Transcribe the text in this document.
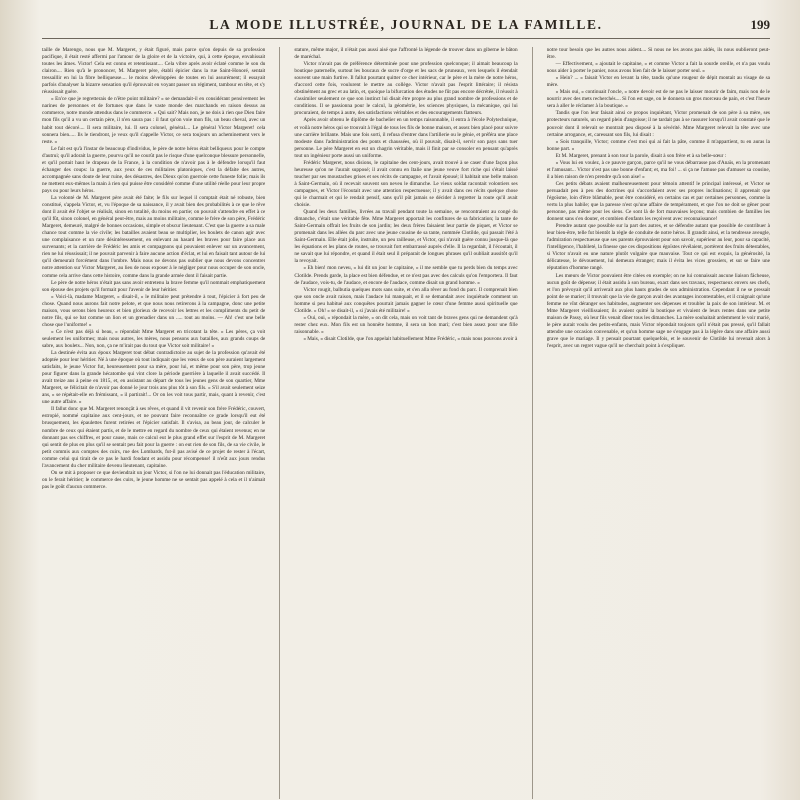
LA MODE ILLUSTRÉE, JOURNAL DE LA FAMILLE.	199

taille de Marengo, nous que M. Margeret, y était figuré, mais parce qu'on depuis de sa profession pacifique, il était resté affermi par l'amour de la gloire et de la victoire, qui, à cette époque, envahissait toutes les âmes. Victor! Cela est connu et retentissant.... Cela vibre après avoir éclaté comme le son du clairon.... Rien qu'à le prononcer, M. Margeret père, établi épicier dans la rue Saint-Honoré, sentait tressaillir en lui la fibre belliqueuse.... le moins développées de toutes en lui assurément; il essayait parfois d'analyser la bizarre sensation qu'il éprouvait en voyant passer un régiment, tambour en tête, et s'y réussissait guère.

« En'ce que je regretterais de n'être point militaire? » se demandait-il en considérant pensivement les narines de personnes et de fortunes que dans le vaste monde des marchands en raison dessus au commerce, notre monde attendus dans le commerce. « Qui sait? Mais non, je ne dois à rien que Dieu faire mon fils qu'il a vu un certain père, il n'en saura pas : il faut qu'on voie mon fils, un beau cheval, avec un habit tout décoré.... Il sera militaire, lui. Il sera colonel, général.... Le général Victor Margeret! cela sonnera bien..... Ils le tiendront, je veux qu'il s'appelle Victor, ce sera toujours un acheminement vers le reste. »

Le fait est qu'à l'instar de beaucoup d'individus, le père de notre héros était belliqueux pour le compte d'autrui; qu'il adorait la guerre, pourvu qu'il ne courût pas le risque d'une quelconque blessure personnelle, et qu'il portait haut le drapeau de la France, à la condition de n'avoir pas à le défendre lorsqu'il faut échanger des coups: la guerre, aux yeux de ces militaires platoniques, c'est la défaite des autres, accompagnée sans doute de leur ruine, des désastres, des Dieux qu'on guerroie cette funeste folie; mais ils ne mettent eux-mêmes la main à rien qui puisse être considéré comme d'une utilité réelle pour leur propre pays ou pour leurs héros.

La volonté de M. Margeret père avait été faite; le fils sur lequel il comptait était né robuste, bien constitué, s'appela Victor, et, vu l'époque de sa naissance, il y avait bien des probabilités à ce que le rêve dont il avait été l'objet se réalisât, sinon en totalité, du moins en partie; on pouvait s'attendre en effet à ce qu'il fût, sinon colonel, en général peut-être, mais au moins militaire, comme le frère de son père, Frédéric Margeret, demeuré, malgré de bonnes occasions, simple et obscur lieutenant. C'est que la guerre a sa male chance tout comme la vie civile; les batailles avaient beau se multiplier, les boulets de canon agir avec une complaisance et un rare désintéressement, en enlevant au hasard les braves pour faire place aux survenants; et la carrière de Frédéric les amis et compagnons qui pouvaient enlever sur un avancement, rien ne lui réussissait; il ne pouvait parvenir à faire aucune action d'éclat, et lui en faisait tant autour de lui qu'il demeurait forcément dans l'ombre. Mais nous ne devons pas oublier que nous devons concentrer notre attention sur Victor Margeret, au lieu de nous exposer à le négliger pour nous occuper de son oncle, comme cela arrive dans cette histoire, comme dans la grande armée dont il faisait partie.

Le père de notre héros n'était pas sans avoir entretenu la brave femme qu'il nommait emphatiquement son épouse des projets qu'il formait pour l'avenir de leur héritier.

« Voici-là, madame Margeret, » disait-il, « le militaire peut prétendre à tout, l'épicier à fort peu de chose. Quand nous aurons fait notre pelote, et que nous nous retirerons à la campagne, donc une petite maison, vous serons bien heureux et bien glorieux de recevoir les lettres et les compliments du petit de notre fils, qui se bat comme un lion et un grenadier dans un ..... tout au moins. — Ah! c'est une belle chose que l'uniforme! »

« Ce n'est pas déjà si beau, » répondait Mme Margeret en tricotant la tête. « Les pères, ça voit seulement les uniformes; mais nous autres, les mères, nous pensons aux batailles, aux grands coups de sabre, aux boulets... Non, non, ça ne m'irait pas du tout que Victor soit militaire! »

La destinée évita aux époux Margeret tout débat contradictoire au sujet de la profession qu'avait été adoptée pour leur héritier. Né à une époque où tout indiquait que les vœux de son père auraient largement satisfaits, le jeune Victor fut, heureusement pour sa mère, pour lui, et même pour son père, trop jeune pour figurer dans la grande hécatombe qui vint clore la période guerrière à laquelle il avait succédé. Il avait treize ans à peine en 1815, et, en assistant au départ de tous les jeunes gens de son quartier, Mme Margeret, se félicitait de n'avoir pas donné le jour trois ans plus tôt à son fils. « S'il avait seulement seize ans, » se répétait-elle en frémissant, « il partirait!... Or on les voit tous partir, mais, quant à revenir, c'est une autre affaire. »

Il fallut donc que M. Margeret renonçât à ses rêves, et quand il vit revenir son frère Frédéric, couvert, estropié, nommé capitaine aux cent-jours, et ne pouvant faire reconnaître ce grade lorsqu'il eut été brusquement, les épaulettes furent retirées et l'épicier satisfait. Il s'avisa, au beau jour, de calculer le nombre de ceux qui étaient partis, et de le mettre en regard du nombre de ceux qui étaient revenus; en ne donnant pas ses chiffres, et pour cause, mais ce calcul eut le plus grand effet sur l'esprit de M. Margeret qui sentit de plus en plus qu'il se sentait peu fait pour la guerre : on eut rien de son fils, de sa vie civile, le petit commis aux comptes des cuirs, rue des Lombards, fut-il pas avisé de ce projet de rester à l'écart, comme celui qui tirait de ce pas le hardi fondant et assidu pour récompense! il n'eût aux jours rendus l'avancement du cher militaire devenu lieutenant, capitaine.

On se mit à proposer ce que deviendrait un jour Victor, si l'on ne lui donnait pas l'éducation militaire, on le ferait héritier; le commerce des cuirs, le jeune homme ne se sentait pas appelé à cela et il n'aimait pas le goût d'aucun commerce.

stature, même major, il n'était pas aussi aisé que l'affronté la légende de trouver dans un giberne le bâton de maréchal.

Victor n'avait pas de préférence déterminée pour une profession quelconque; il aimait beaucoup la boutique paternelle, surtout les boucaux de sucre d'orge et les sacs de pruneaux, vers lesquels il étendait souvent une main furtive. Il fallut pourtant quitter ce cher intérieur, car le père et la mère de notre héros, d'accord cette fois, voulurent le mettre au collège. Victor n'avait pas l'esprit littéraire; il résista obstinément au grec et au latin, et, quoique la bifurcation des études ne fût pas encore décrétée, il réussit à s'assimiler seulement ce que son instinct lui disait être propre au plus grand nombre de professions et de conditions. Il se passionna pour le calcul, la géométrie, les sciences physiques, la mécanique, qui lui procuraient, de temps à autre, des satisfactions véritables et des encouragements flatteurs.

Après avoir obtenu le diplôme de bachelier en un temps raisonnable, il entra à l'école Polytechnique, et voilà notre héros qui se trouvait à l'égal de tous les fils de bonne maison, et assez bien placé pour suivre une carrière brillante. Mais une fois sorti, il refusa d'entrer dans l'artillerie ou le génie, et préféra une place modeste dans l'administration des ponts et chaussées, où il pouvait, disait-il, servir son pays sans tuer personne. Le père Margeret en eut un chagrin véritable, mais il finit par se consoler en pensant qu'après tout un ingénieur porte aussi un uniforme.

Frédéric Margeret, nous disions, le capitaine des cent-jours, avait trouvé à se caser d'une façon plus heureuse qu'on ne l'aurait supposé; il avait connu en Italie une jeune veuve fort riche qui s'était laissé toucher par ses moustaches grises et ses récits de campagne, et l'avait épousé; il habitait une belle maison à Saint-Germain, où il recevait souvent son neveu le dimanche. Le vieux soldat racontait volontiers ses campagnes, et Victor l'écoutait avec une attention respectueuse; il y avait dans ces récits quelque chose qui le charmait et qui le rendait pensif, sans qu'il pût jamais se décider à regretter la route qu'il avait choisie.

Quand les deux familles, livrées au travail pendant toute la semaine, se rencontraient au congé du dimanche, c'était une véritable fête. Mme Margeret apportait les confitures de sa fabrication; la tante de Saint-Germain offrait les fruits de son jardin; les deux frères faisaient leur partie de piquet, et Victor se promenait dans les allées du parc avec une jeune cousine de sa tante, nommée Clotilde, qui passait l'été à Saint-Germain. Elle était jolie, instruite, un peu railleuse, et Victor, qui n'avait guère connu jusque-là que les équations et les plans de routes, se trouvait fort embarrassé auprès d'elle. Il la regardait, il l'écoutait, il ne savait que lui répondre, et quand il était seul il préparait de longues phrases qu'il oubliait aussitôt qu'il la revoyait.

« Eh bien! mon neveu, » lui dit un jour le capitaine, « il me semble que tu perds bien du temps avec Clotilde. Prends garde, la place est bien défendue, et ce n'est pas avec des calculs qu'on l'emportera. Il faut de l'audace, vois-tu, de l'audace, et encore de l'audace, comme disait un grand homme. »

Victor rougit, balbutia quelques mots sans suite, et s'en alla rêver au fond du parc. Il comprenait bien que son oncle avait raison, mais l'audace lui manquait, et il se demandait avec inquiétude comment un homme si peu habitué aux conquêtes pourrait jamais gagner le cœur d'une femme aussi spirituelle que Clotilde. « Oh! » se disait-il, « si j'avais été militaire! »

« Oui, oui, » répondait la mère, « on dit cela, mais on voit tant de braves gens qui ne demandent qu'à rester chez eux. Mon fils est un honnête homme, il sera un bon mari; c'est bien assez pour une fille raisonnable. »

« Mais, » disait Clotilde, que l'on appelait habituellement Mme Frédéric, « mais nous pouvons avoir à

notre tour besoin que les autres nous aident.... Si nous ne les avons pas aidés, ils nous oublieront peut-être.

— Effectivement, » ajoutait le capitaine, « et comme Victor a fait la sourde oreille, et n'a pas voulu nous aider à porter le panier, nous avons bien fait de le laisser porter seul. »

« Hein? ... » faisait Victor en levant la tête, tandis qu'une rougeur de dépit montait au visage de sa mère.

« Mais oui, » continuait l'oncle, « notre devoir est de ne pas le laisser mourir de faim, mais non de le nourrir avec des mets recherchés.... Si l'on est sage, on le donnera un gros morceau de pain, et c'est l'heure sera à aller le réclamer à la boutique. »

Tandis que l'on leur faisait ainsi ce propos inquiétant, Victor promenait de son père à sa mère, ses protecteurs naturels, un regard plein d'angoisse; il ne tardait pas à se rassurer lorsqu'il avait constaté que le pouvoir dont il relevait se montrait peu disposé à la sévérité. Mme Margeret relevait la tête avec une certaine arrogance, et, caressant son fils, lui disait :

« Sois tranquille, Victor; comme c'est moi qui ai fait la pâte, comme il m'appartient, tu en auras la bonne part. »

Et M. Margeret, prenant à son tour la parole, disait à son frère et à sa belle-sœur :

« Vous lui en voulez, à ce pauvre garçon, parce qu'il ne vous débarrasse pas d'Anaïs, en la promenant et l'amusant... Victor n'est pas une bonne d'enfant; et, ma foi! ... si ça ne l'amuse pas d'amuser sa cousine, il a bien raison de n'en prendre qu'à son aise! »

Ces petits débats avaient malheureusement pour témoin attentif le principal intéressé, et Victor se persuadait peu à peu des doctrines qui s'accordaient avec ses propres inclinations; il apprenait que l'égoïsme, loin d'être blâmable, peut être considéré, en certains cas et par certaines personnes, comme la vertu la plus habile; que la paresse n'est qu'une affaire de tempérament, et que l'on ne doit se gêner pour personne, pas même pour les siens. Ce sont là de fort mauvaises leçons; mais combien de familles les donnent sans s'en douter, et combien d'enfants les reçoivent avec reconnaissance!

Prendre autant que possible sur la part des autres, et se défendre autant que possible de contribuer à leur bien-être, telle fut bientôt la règle de conduite de notre héros. Il grandit ainsi, et la tendresse aveugle, l'admiration respectueuse que ses parents éprouvaient pour son savoir, supérieur au leur, pour sa capacité, l'intelligence, l'habileté, la finesse que ces dispositions égoïstes révélaient, portèrent des fruits détestables, si Victor n'avait eu une nature plutôt vulgaire que mauvaise. Tout ce qui est exquis, la générosité, la délicatesse, le dévouement, lui demeura étranger; mais il évita les vices grossiers, et sut se faire une réputation d'homme rangé.

Les mœurs de Victor pouvaient être citées en exemple; on ne lui connaissait aucune liaison fâcheuse, aucun goût de dépense; il était assidu à son bureau, exact dans ses travaux, respectueux envers ses chefs, et l'on prévoyait qu'il arriverait aux plus hauts grades de son administration. Cependant il ne se pressait point de se marier; il trouvait que la vie de garçon avait des avantages incontestables, et il craignait qu'une femme ne vînt déranger ses habitudes, augmenter ses dépenses et troubler la paix de son intérieur. M. et Mme Margeret vieillissaient; ils avaient quitté la boutique et vivaient de leurs rentes dans une petite maison de Passy, où leur fils venait dîner tous les dimanches. La mère souhaitait ardemment le voir marié, le père aurait voulu des petits-enfants, mais Victor répondait toujours qu'il n'était pas pressé, qu'il fallait attendre une occasion convenable, et qu'un homme sage ne s'engage pas à la légère dans une affaire aussi grave que le mariage. Il y pensait pourtant quelquefois, et le souvenir de Clotilde lui revenait alors à l'esprit, avec un regret vague qu'il ne cherchait point à s'expliquer.
